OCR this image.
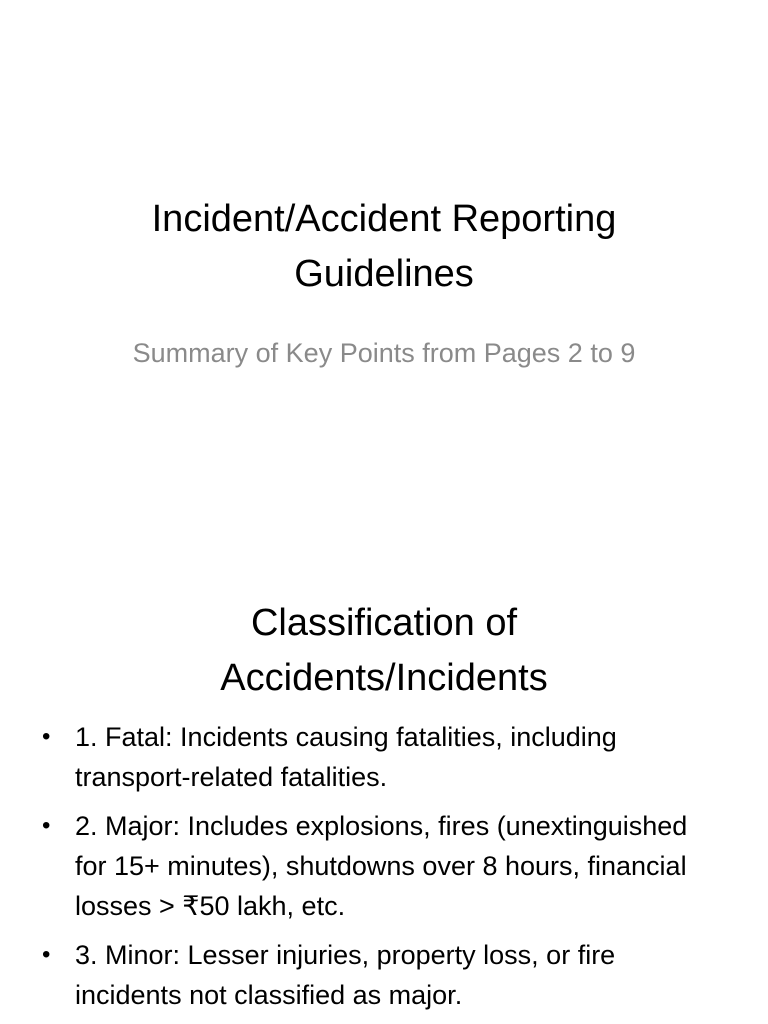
Incident/Accident Reporting Guidelines

Summary of Key Points from Pages 2 to 9

Classification of Accidents/Incidents
• 1. Fatal: Incidents causing fatalities, including transport-related fatalities.
• 2. Major: Includes explosions, fires (unextinguished for 15+ minutes), shutdowns over 8 hours, financial losses > ₹50 lakh, etc.
• 3. Minor: Lesser injuries, property loss, or fire incidents not classified as major.
